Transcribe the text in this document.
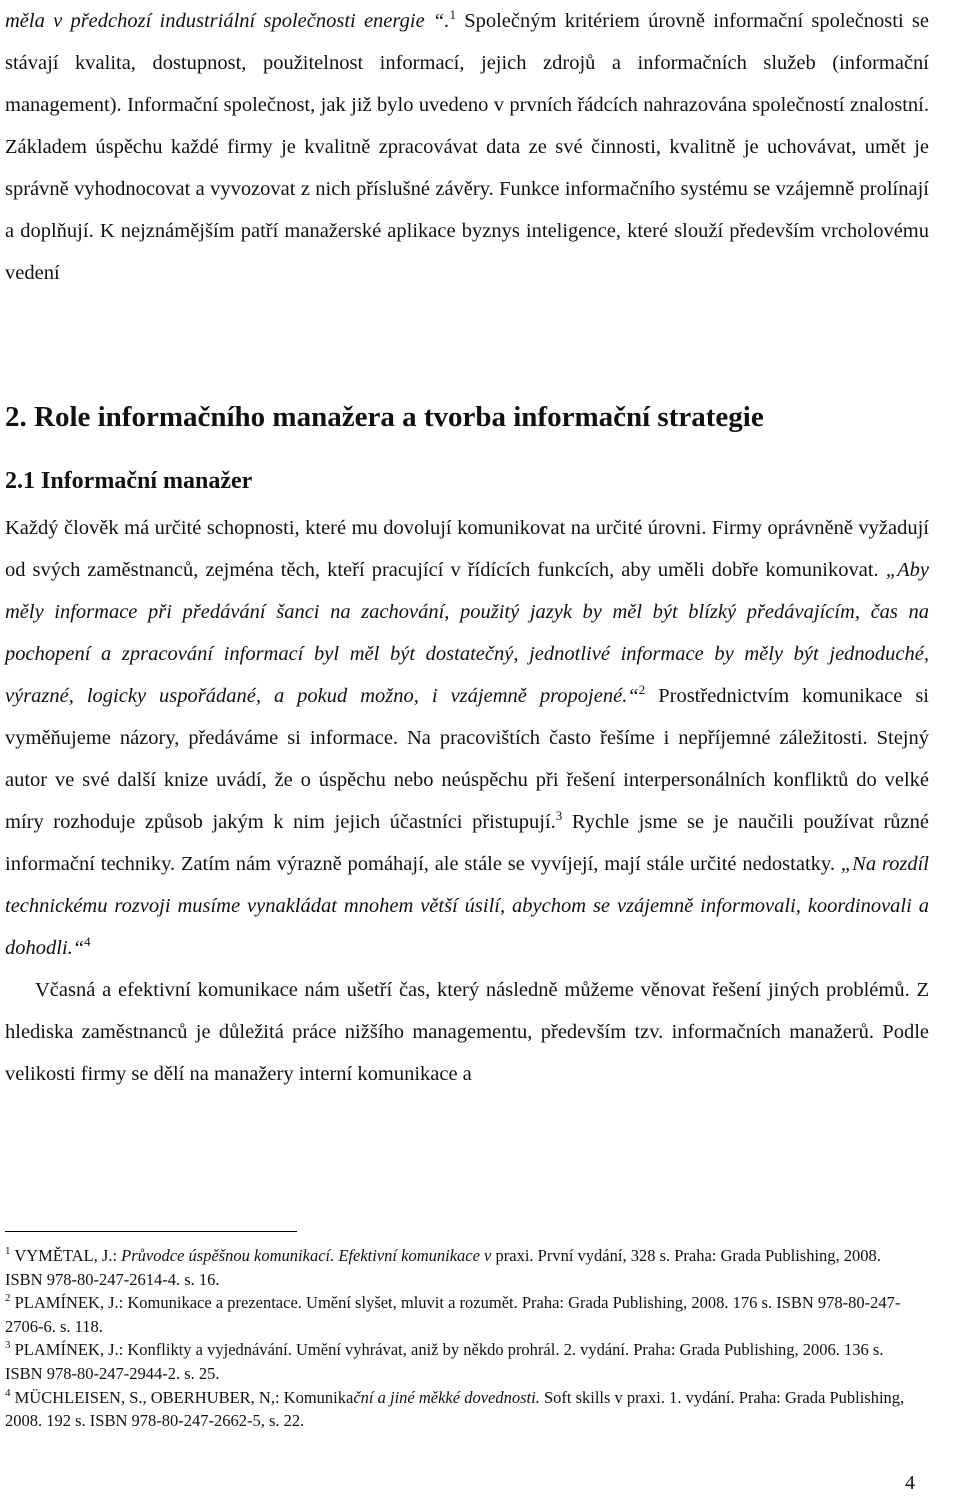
měla v předchozí industriální společnosti energie “.$^1$ Společným kritériem úrovně informační společnosti se stávají kvalita, dostupnost, použitelnost informací, jejich zdrojů a informačních služeb (informační management). Informační společnost, jak již bylo uvedeno v prvních řádcích nahrazována společností znalostní. Základem úspěchu každé firmy je kvalitně zpracovávat data ze své činnosti, kvalitně je uchovávat, umět je správně vyhodnocovat a vyvozovat z nich příslušné závěry. Funkce informačního systému se vzájemně prolínají a doplňují. K nejznámějším patří manažerské aplikace byznys inteligence, které slouží především vrcholovému vedení

2. Role informačního manažera a tvorba informační strategie
2.1 Informační manažer

Každý člověk má určité schopnosti, které mu dovolují komunikovat na určité úrovni. Firmy oprávněně vyžadují od svých zaměstnanců, zejména těch, kteří pracující v řídících funkcích, aby uměli dobře komunikovat. „Aby měly informace při předávání šanci na zachování, použitý jazyk by měl být blízký předávajícím, čas na pochopení a zpracování informací byl měl být dostatečný, jednotlivé informace by měly být jednoduché, výrazné, logicky uspořádané, a pokud možno, i vzájemně propojené.“$^2$ Prostřednictvím komunikace si vyměňujeme názory, předáváme si informace. Na pracovištích často řešíme i nepříjemné záležitosti. Stejný autor ve své další knize uvádí, že o úspěchu nebo neúspěchu při řešení interpersonálních konfliktů do velké míry rozhoduje způsob jakým k nim jejich účastníci přistupují.$^3$ Rychle jsme se je naučili používat různé informační techniky. Zatím nám výrazně pomáhají, ale stále se vyvíjejí, mají stále určité nedostatky. „Na rozdíl technickému rozvoji musíme vynakládat mnohem větší úsilí, abychom se vzájemně informovali, koordinovali a dohodli.“$^4$

Včasná a efektivní komunikace nám ušetří čas, který následně můžeme věnovat řešení jiných problémů. Z hlediska zaměstnanců je důležitá práce nižšího managementu, především tzv. informačních manažerů. Podle velikosti firmy se dělí na manažery interní komunikace a

$^1$ VYMĚTAL, J.: Průvodce úspěšnou komunikací. Efektivní komunikace v praxi. První vydání, 328 s. Praha: Grada Publishing, 2008. ISBN 978-80-247-2614-4. s. 16.

$^2$ PLAMÍNEK, J.: Komunikace a prezentace. Umění slyšet, mluvit a rozumět. Praha: Grada Publishing, 2008. 176 s. ISBN 978-80-247-2706-6. s. 118.

$^3$ PLAMÍNEK, J.: Konflikty a vyjednávání. Umění vyhrávat, aniž by někdo prohrál. 2. vydání. Praha: Grada Publishing, 2006. 136 s. ISBN 978-80-247-2944-2. s. 25.

$^4$ MÜCHLEISEN, S., OBERHUBER, N,: Komunikační a jiné měkké dovednosti. Soft skills v praxi. 1. vydání. Praha: Grada Publishing, 2008. 192 s. ISBN 978-80-247-2662-5, s. 22.

4
